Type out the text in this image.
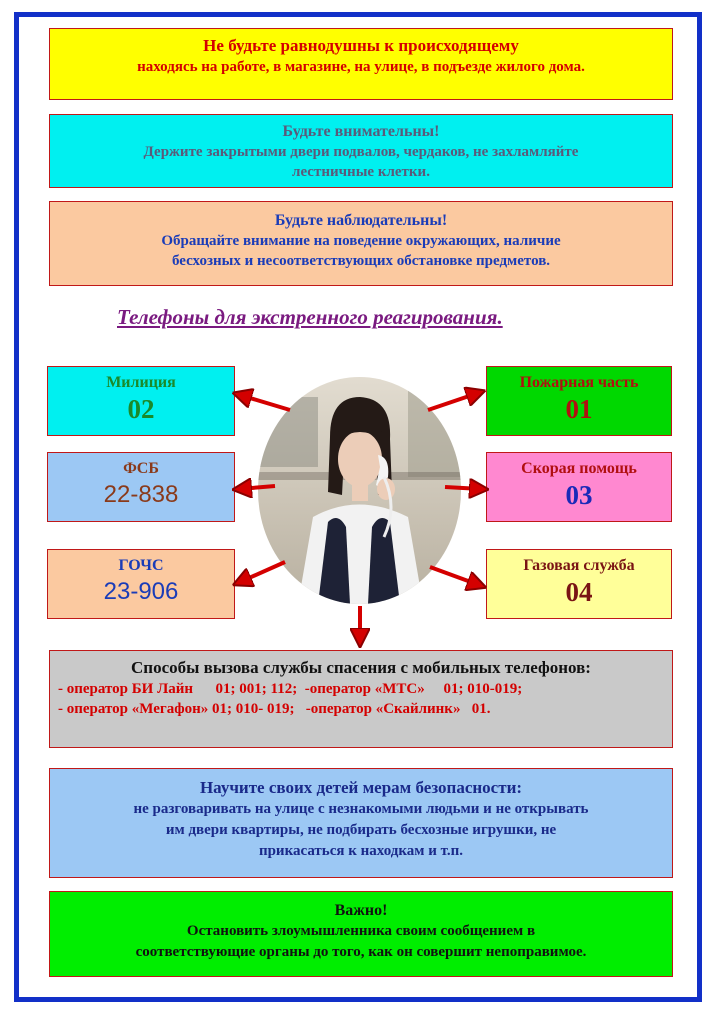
Не будьте равнодушны к происходящему
находясь на работе, в магазине, на улице, в подъезде жилого дома.
Будьте внимательны!
Держите закрытыми двери подвалов, чердаков, не захламляйте
лестничные клетки.
Будьте наблюдательны!
Обращайте внимание на поведение окружающих, наличие
бесхозных и несоответствующих обстановке предметов.
Телефоны для экстренного реагирования.
Милиция
02
ФСБ
22-838
ГОЧС
23-906
Пожарная часть
01
Скорая помощь
03
Газовая служба
04
Способы вызова службы спасения с мобильных телефонов:
- оператор БИ Лайн      01; 001; 112;  -оператор «МТС»     01; 010-019;
- оператор «Мегафон» 01; 010- 019;   -оператор «Скайлинк»   01.
Научите своих детей мерам безопасности:
не разговаривать на улице с незнакомыми людьми и не открывать
им двери квартиры, не подбирать бесхозные игрушки, не
прикасаться к находкам и т.п.
Важно!
Остановить злоумышленника своим сообщением в
соответствующие органы до того, как он совершит непоправимое.
